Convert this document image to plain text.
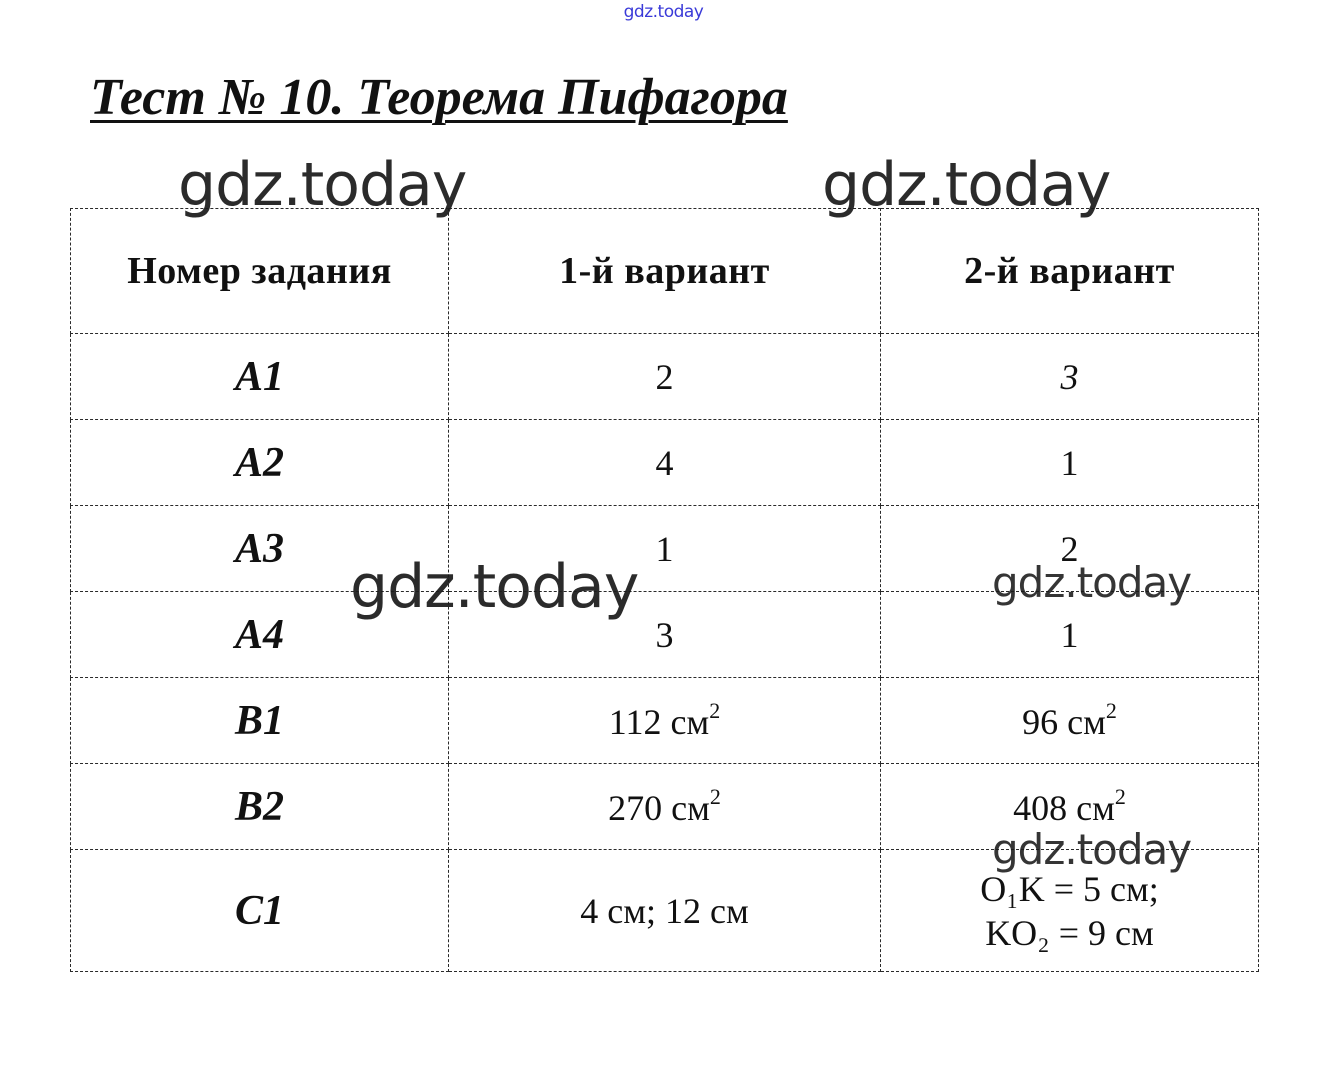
gdz.today
Тест № 10. Теорема Пифагора
Номер задания	1-й вариант	2-й вариант
A1	2	3
A2	4	1
A3	1	2
A4	3	1
B1	112 $см^2$	96 $см^2$
B2	270 $см^2$	408 $см^2$
C1	4 см; 12 см	O₁K = 5 см;
KO₂ = 9 см
gdz.today	gdz.today
gdz.today	gdz.today
gdz.today
